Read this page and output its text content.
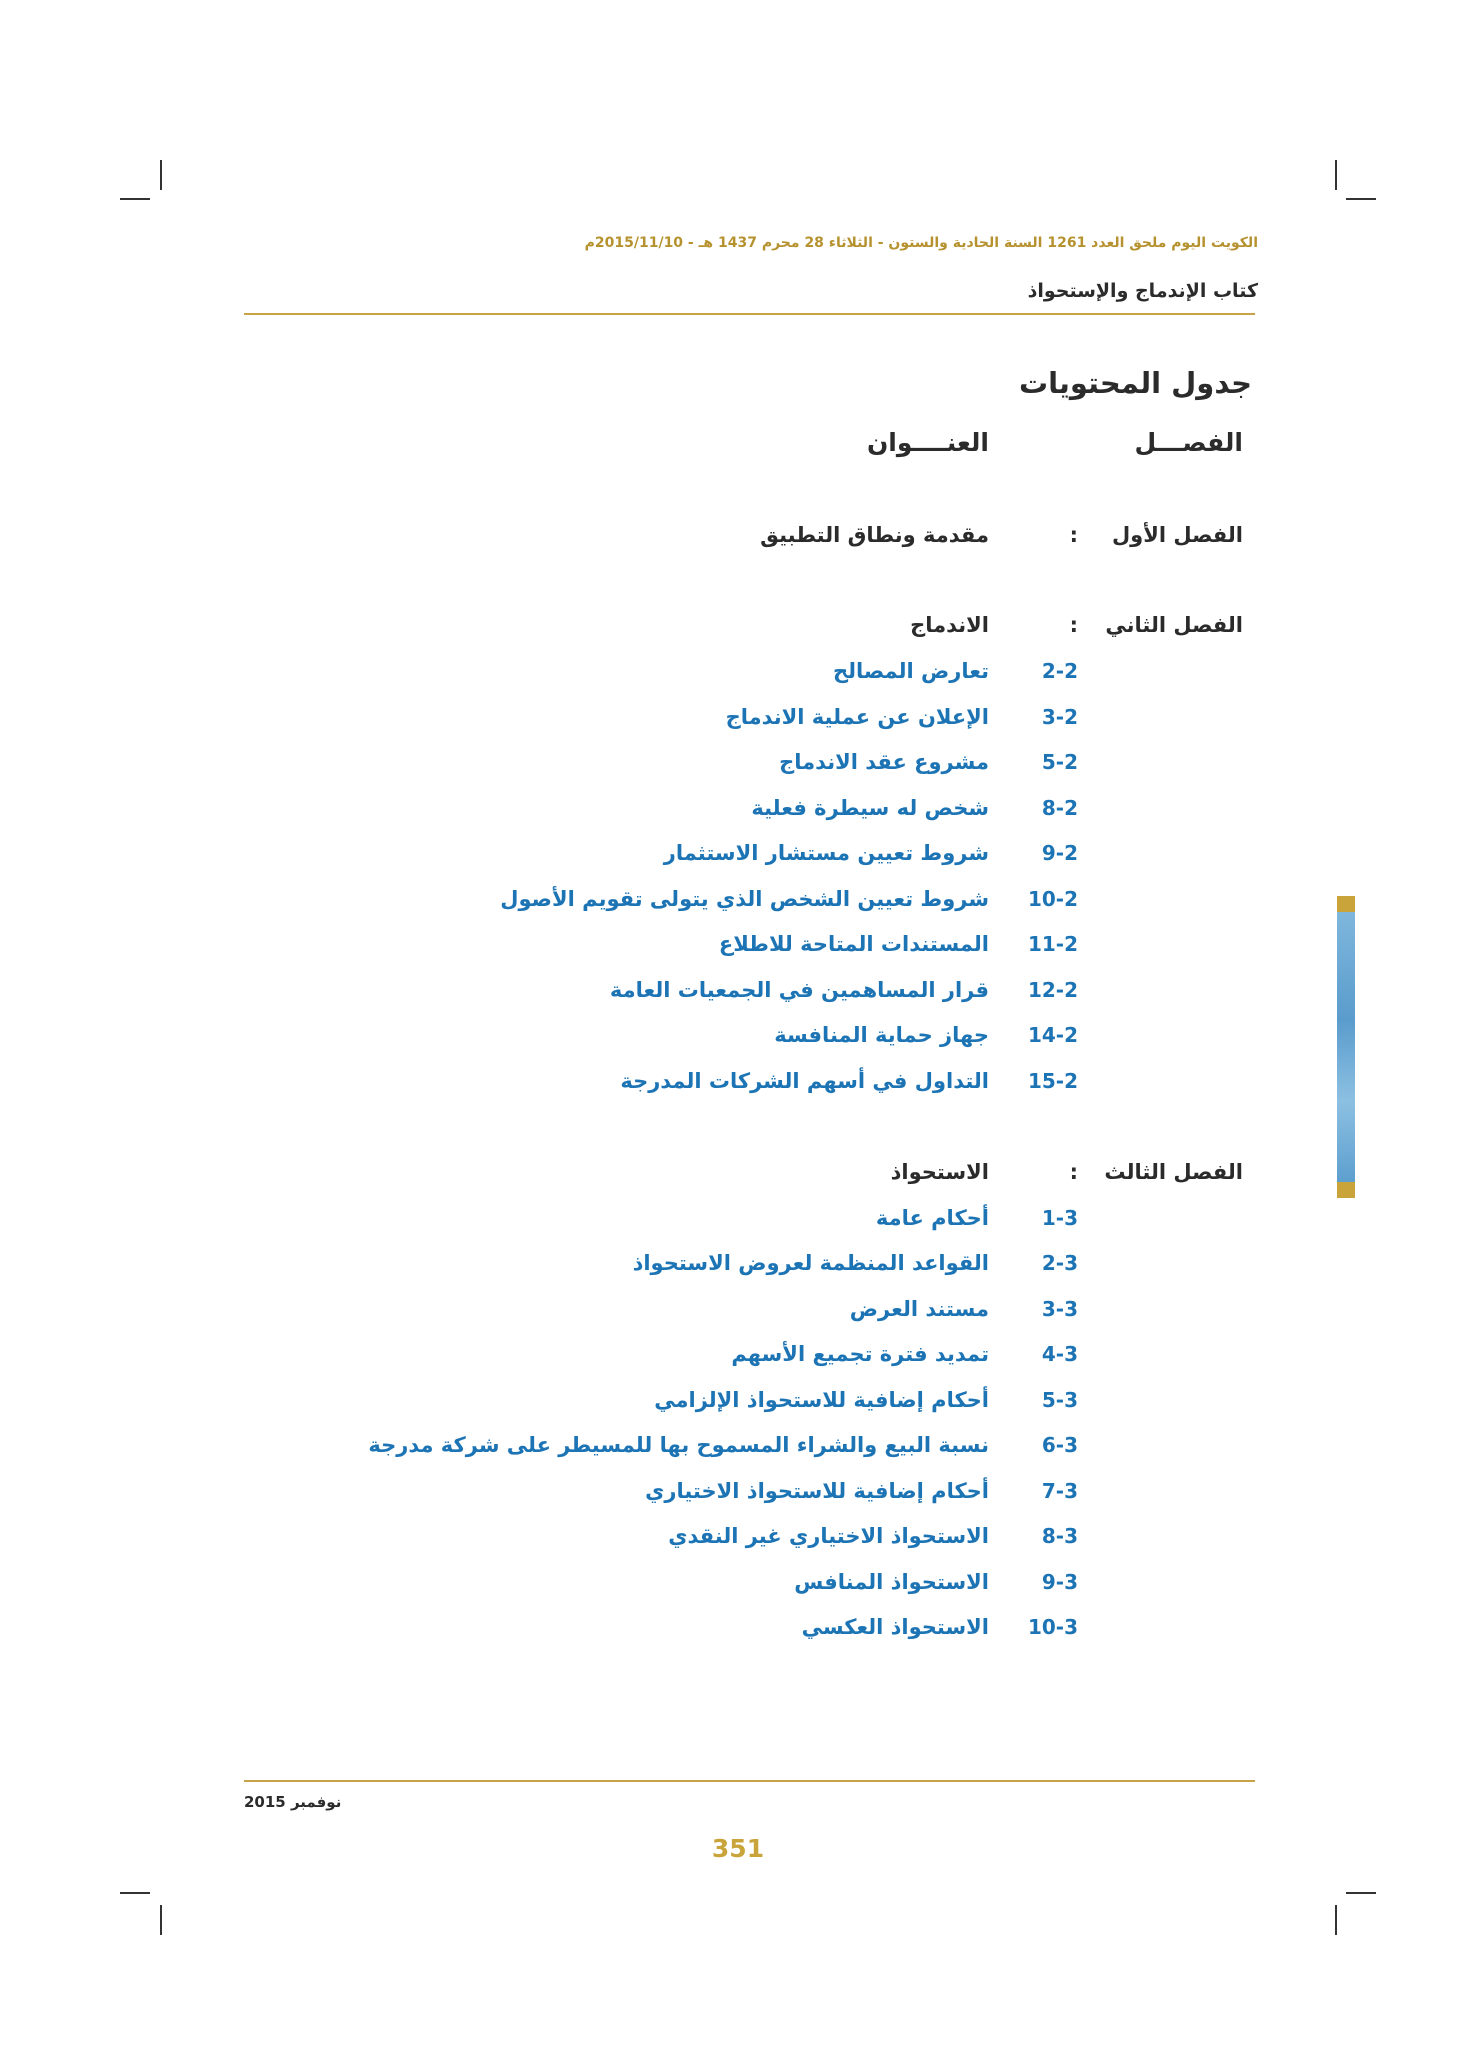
الكويت اليوم ملحق العدد 1261 السنة الحادية والستون - الثلاثاء 28 محرم 1437 هـ - 2015/11/10م
كتاب الإندماج والإستحواذ
جدول المحتويات
الفصـــل
العنــــوان
الفصل الأول
:
مقدمة ونطاق التطبيق
الفصل الثاني
:
الاندماج
2-2
تعارض المصالح
3-2
الإعلان عن عملية الاندماج
5-2
مشروع عقد الاندماج
8-2
شخص له سيطرة فعلية
9-2
شروط تعيين مستشار الاستثمار
10-2
شروط تعيين الشخص الذي يتولى تقويم الأصول
11-2
المستندات المتاحة للاطلاع
12-2
قرار المساهمين في الجمعيات العامة
14-2
جهاز حماية المنافسة
15-2
التداول في أسهم الشركات المدرجة
الفصل الثالث
:
الاستحواذ
1-3
أحكام عامة
2-3
القواعد المنظمة لعروض الاستحواذ
3-3
مستند العرض
4-3
تمديد فترة تجميع الأسهم
5-3
أحكام إضافية للاستحواذ الإلزامي
6-3
نسبة البيع والشراء المسموح بها للمسيطر على شركة مدرجة
7-3
أحكام إضافية للاستحواذ الاختياري
8-3
الاستحواذ الاختياري غير النقدي
9-3
الاستحواذ المنافس
10-3
الاستحواذ العكسي
نوفمبر 2015
351
